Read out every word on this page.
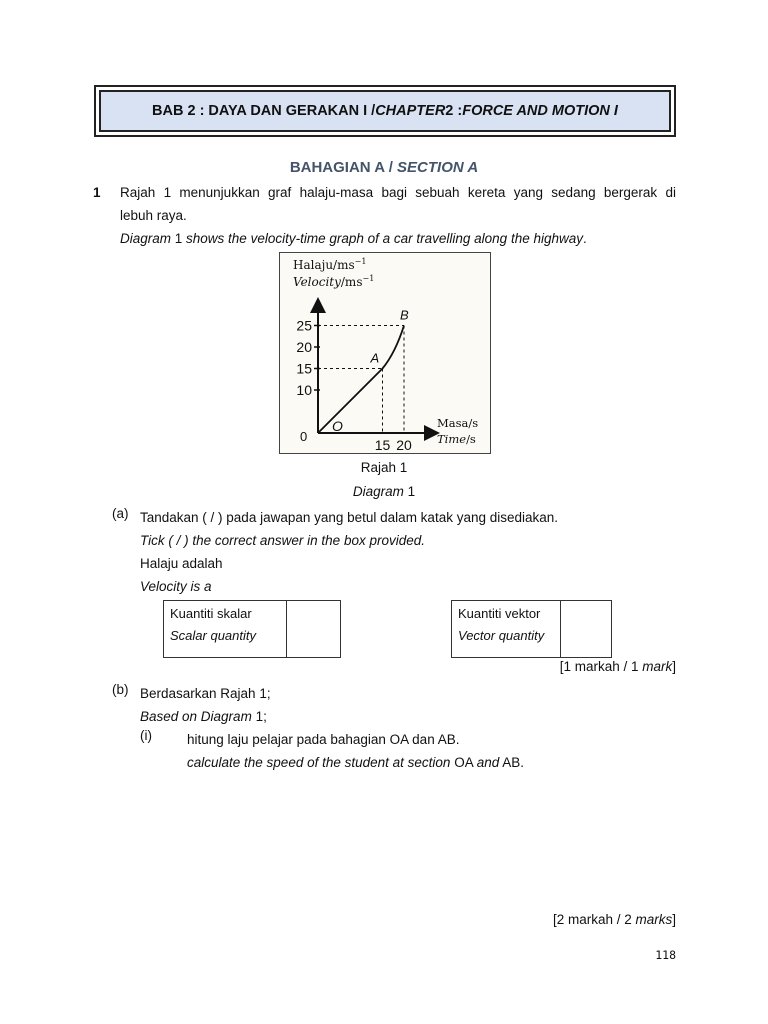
BAB 2 : DAYA DAN GERAKAN I / CHAPTER 2 : FORCE AND MOTION I
BAHAGIAN A / SECTION A
1 Rajah 1 menunjukkan graf halaju-masa bagi sebuah kereta yang sedang bergerak di
lebuh raya.
Diagram 1 shows the velocity-time graph of a car travelling along the highway.
Halaju/$ms^{-1}$
Velocity/$ms^{-1}$
Masa/s
Time/s
10
15
20
25
15 20
0
O
A
B
Rajah 1
Diagram 1
(a) Tandakan ( / ) pada jawapan yang betul dalam katak yang disediakan.
Tick ( / ) the correct answer in the box provided.
Halaju adalah
Velocity is a
Kuantiti skalar
Scalar quantity

Kuantiti vektor
Vector quantity

[1 markah / 1 mark]
(b) Berdasarkan Rajah 1;
Based on Diagram 1;
(i)	hitung laju pelajar pada bahagian OA dan AB.
calculate the speed of the student at section OA and AB.
[2 markah / 2 marks]
118
